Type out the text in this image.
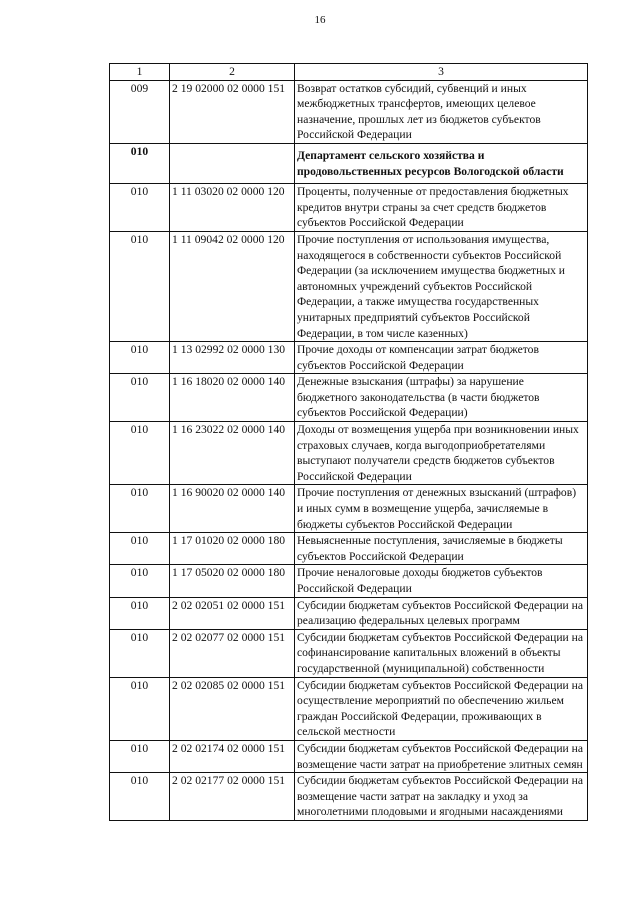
16
1	2	3
009	2 19 02000 02 0000 151	Возврат остатков субсидий, субвенций и иных межбюджетных трансфертов, имеющих целевое назначение, прошлых лет из бюджетов субъектов Российской Федерации
010		Департамент сельского хозяйства и продовольственных ресурсов Вологодской области
010	1 11 03020 02 0000 120	Проценты, полученные от предоставления бюджетных кредитов внутри страны за счет средств бюджетов субъектов Российской Федерации
010	1 11 09042 02 0000 120	Прочие поступления от использования имущества, находящегося в собственности субъектов Российской Федерации (за исключением имущества бюджетных и автономных учреждений субъектов Российской Федерации, а также имущества государственных унитарных предприятий субъектов Российской Федерации, в том числе казенных)
010	1 13 02992 02 0000 130	Прочие доходы от компенсации затрат бюджетов субъектов Российской Федерации
010	1 16 18020 02 0000 140	Денежные взыскания (штрафы) за нарушение бюджетного законодательства (в части бюджетов субъектов Российской Федерации)
010	1 16 23022 02 0000 140	Доходы от возмещения ущерба при возникновении иных страховых случаев, когда выгодоприобретателями выступают получатели средств бюджетов субъектов Российской Федерации
010	1 16 90020 02 0000 140	Прочие поступления от денежных взысканий (штрафов) и иных сумм в возмещение ущерба, зачисляемые в бюджеты субъектов Российской Федерации
010	1 17 01020 02 0000 180	Невыясненные поступления, зачисляемые в бюджеты субъектов Российской Федерации
010	1 17 05020 02 0000 180	Прочие неналоговые доходы бюджетов субъектов Российской Федерации
010	2 02 02051 02 0000 151	Субсидии бюджетам субъектов Российской Федерации на реализацию федеральных целевых программ
010	2 02 02077 02 0000 151	Субсидии бюджетам субъектов Российской Федерации на софинансирование капитальных вложений в объекты государственной (муниципальной) собственности
010	2 02 02085 02 0000 151	Субсидии бюджетам субъектов Российской Федерации на осуществление мероприятий по обеспечению жильем граждан Российской Федерации, проживающих в сельской местности
010	2 02 02174 02 0000 151	Субсидии бюджетам субъектов Российской Федерации на возмещение части затрат на приобретение элитных семян
010	2 02 02177 02 0000 151	Субсидии бюджетам субъектов Российской Федерации на возмещение части затрат на закладку и уход за многолетними плодовыми и ягодными насаждениями
